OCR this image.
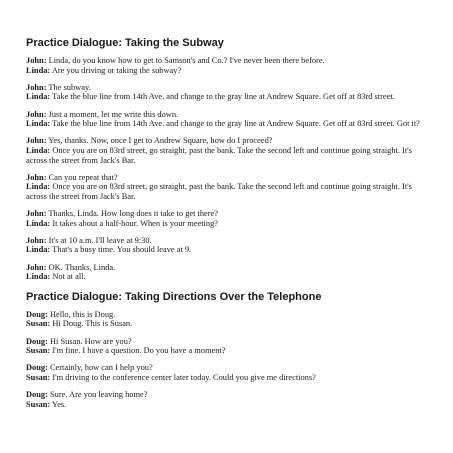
Practice Dialogue: Taking the Subway

John: Linda, do you know how to get to Samson's and Co.? I've never been there before.

Linda: Are you driving or taking the subway?

John: The subway.

Linda: Take the blue line from 14th Ave. and change to the gray line at Andrew Square. Get off at 83rd street.

John: Just a moment, let me write this down.

Linda: Take the blue line from 14th Ave. and change to the gray line at Andrew Square. Get off at 83rd street. Got it?

John: Yes, thanks. Now, once I get to Andrew Square, how do I proceed?

Linda: Once you are on 83rd street, go straight, past the bank. Take the second left and continue going straight. It's across the street from Jack's Bar.

John: Can you repeat that?

Linda: Once you are on 83rd street, go straight, past the bank. Take the second left and continue going straight. It's across the street from Jack's Bar.

John: Thanks, Linda. How long does it take to get there?

Linda: It takes about a half-hour. When is your meeting?

John: It's at 10 a.m. I'll leave at 9:30.

Linda: That's a busy time. You should leave at 9.

John: OK. Thanks, Linda.

Linda: Not at all.

Practice Dialogue: Taking Directions Over the Telephone

Doug: Hello, this is Doug.

Susan: Hi Doug. This is Susan.

Doug: Hi Susan. How are you?

Susan: I'm fine. I have a question. Do you have a moment?

Doug: Certainly, how can I help you?

Susan: I'm driving to the conference center later today. Could you give me directions?

Doug: Sure. Are you leaving home?

Susan: Yes.
